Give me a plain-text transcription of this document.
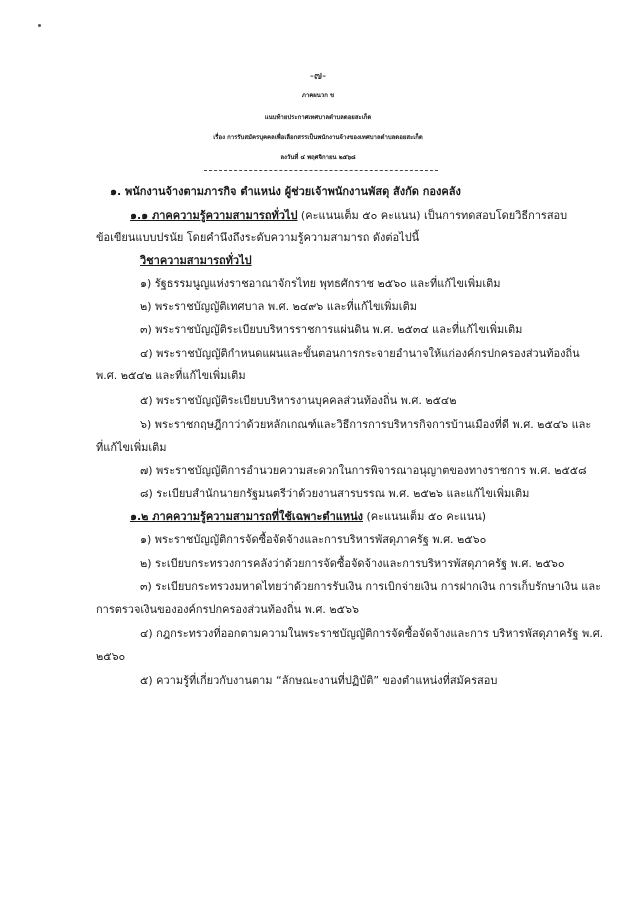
-๗-
ภาคผนวก ข
แนบท้ายประกาศเทศบาลตำบลดอยสะเก็ด
เรื่อง การรับสมัครบุคคลเพื่อเลือกสรรเป็นพนักงานจ้างของเทศบาลตำบลดอยสะเก็ด
ลงวันที่ ๔ พฤศจิกายน ๒๕๖๘
๑. พนักงานจ้างตามภารกิจ ตำแหน่ง ผู้ช่วยเจ้าพนักงานพัสดุ สังกัด กองคลัง
๑.๑ ภาคความรู้ความสามารถทั่วไป (คะแนนเต็ม ๕๐ คะแนน) เป็นการทดสอบโดยวิธีการสอบ
ข้อเขียนแบบปรนัย โดยคำนึงถึงระดับความรู้ความสามารถ ดังต่อไปนี้
วิชาความสามารถทั่วไป
๑) รัฐธรรมนูญแห่งราชอาณาจักรไทย พุทธศักราช ๒๕๖๐ และที่แก้ไขเพิ่มเติม
๒) พระราชบัญญัติเทศบาล พ.ศ. ๒๔๙๖ และที่แก้ไขเพิ่มเติม
๓) พระราชบัญญัติระเบียบบริหารราชการแผ่นดิน พ.ศ. ๒๕๓๔ และที่แก้ไขเพิ่มเติม
๔) พระราชบัญญัติกำหนดแผนและขั้นตอนการกระจายอำนาจให้แก่องค์กรปกครองส่วนท้องถิ่น
พ.ศ. ๒๕๔๒ และที่แก้ไขเพิ่มเติม
๕) พระราชบัญญัติระเบียบบริหารงานบุคคลส่วนท้องถิ่น พ.ศ. ๒๕๔๒
๖) พระราชกฤษฎีกาว่าด้วยหลักเกณฑ์และวิธีการการบริหารกิจการบ้านเมืองที่ดี พ.ศ. ๒๕๔๖ และ
ที่แก้ไขเพิ่มเติม
๗) พระราชบัญญัติการอำนวยความสะดวกในการพิจารณาอนุญาตของทางราชการ พ.ศ. ๒๕๕๘
๘) ระเบียบสำนักนายกรัฐมนตรีว่าด้วยงานสารบรรณ พ.ศ. ๒๕๒๖ และแก้ไขเพิ่มเติม
๑.๒ ภาคความรู้ความสามารถที่ใช้เฉพาะตำแหน่ง (คะแนนเต็ม ๕๐ คะแนน)
๑) พระราชบัญญัติการจัดซื้อจัดจ้างและการบริหารพัสดุภาครัฐ พ.ศ. ๒๕๖๐
๒) ระเบียบกระทรวงการคลังว่าด้วยการจัดซื้อจัดจ้างและการบริหารพัสดุภาครัฐ พ.ศ. ๒๕๖๐
๓) ระเบียบกระทรวงมหาดไทยว่าด้วยการรับเงิน การเบิกจ่ายเงิน การฝากเงิน การเก็บรักษาเงิน และ
การตรวจเงินขององค์กรปกครองส่วนท้องถิ่น พ.ศ. ๒๕๖๖
๔) กฎกระทรวงที่ออกตามความในพระราชบัญญัติการจัดซื้อจัดจ้างและการ บริหารพัสดุภาครัฐ พ.ศ.
๒๕๖๐
๕) ความรู้ที่เกี่ยวกับงานตาม “ลักษณะงานที่ปฏิบัติ” ของตำแหน่งที่สมัครสอบ
